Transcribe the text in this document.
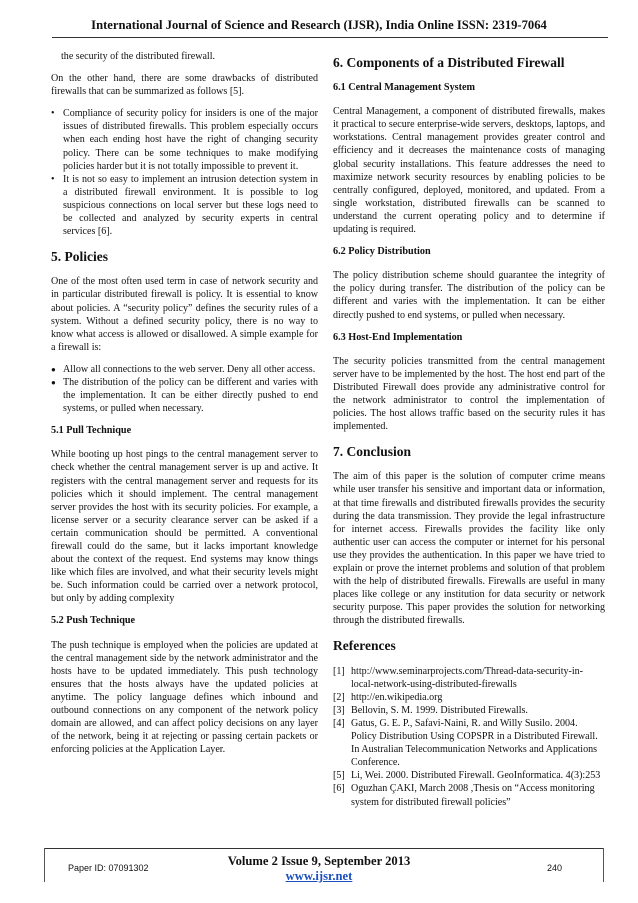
International Journal of Science and Research (IJSR), India Online ISSN: 2319-7064

the security of the distributed firewall.

On the other hand, there are some drawbacks of distributed firewalls that can be summarized as follows [5].

• Compliance of security policy for insiders is one of the major issues of distributed firewalls. This problem especially occurs when each ending host have the right of changing security policy. There can be some techniques to make modifying policies harder but it is not totally impossible to prevent it.
• It is not so easy to implement an intrusion detection system in a distributed firewall environment. It is possible to log suspicious connections on local server but these logs need to be collected and analyzed by security experts in central services [6].
5. Policies

One of the most often used term in case of network security and in particular distributed firewall is policy. It is essential to know about policies. A “security policy” defines the security rules of a system. Without a defined security policy, there is no way to know what access is allowed or disallowed. A simple example for a firewall is:

● Allow all connections to the web server. Deny all other access.
● The distribution of the policy can be different and varies with the implementation. It can be either directly pushed to end systems, or pulled when necessary.
5.1 Pull Technique

While booting up host pings to the central management server to check whether the central management server is up and active. It registers with the central management server and requests for its policies which it should implement. The central management server provides the host with its security policies. For example, a license server or a security clearance server can be asked if a certain communication should be permitted. A conventional firewall could do the same, but it lacks important knowledge about the context of the request. End systems may know things like which files are involved, and what their security levels might be. Such information could be carried over a network protocol, but only by adding complexity

5.2 Push Technique

The push technique is employed when the policies are updated at the central management side by the network administrator and the hosts have to be updated immediately. This push technology ensures that the hosts always have the updated policies at anytime. The policy language defines which inbound and outbound connections on any component of the network policy domain are allowed, and can affect policy decisions on any layer of the network, being it at rejecting or passing certain packets or enforcing policies at the Application Layer.

6. Components of a Distributed Firewall
6.1 Central Management System

Central Management, a component of distributed firewalls, makes it practical to secure enterprise-wide servers, desktops, laptops, and workstations. Central management provides greater control and efficiency and it decreases the maintenance costs of managing global security installations. This feature addresses the need to maximize network security resources by enabling policies to be centrally configured, deployed, monitored, and updated. From a single workstation, distributed firewalls can be scanned to understand the current operating policy and to determine if updating is required.

6.2 Policy Distribution

The policy distribution scheme should guarantee the integrity of the policy during transfer. The distribution of the policy can be different and varies with the implementation. It can be either directly pushed to end systems, or pulled when necessary.

6.3 Host-End Implementation

The security policies transmitted from the central management server have to be implemented by the host. The host end part of the Distributed Firewall does provide any administrative control for the network administrator to control the implementation of policies. The host allows traffic based on the security rules it has implemented.

7. Conclusion

The aim of this paper is the solution of computer crime means while user transfer his sensitive and important data or information, at that time firewalls and distributed firewalls provides the security during the data transmission. They provide the legal infrastructure for internet access. Firewalls provides the facility like only authentic user can access the computer or internet for his personal use they provides the authentication. In this paper we have tried to explain or prove the internet problems and solution of that problem with the help of distributed firewalls. Firewalls are useful in many places like college or any institution for data security or network security purpose. This paper provides the solution for networking through the distributed firewalls.

References
[1] http://www.seminarprojects.com/Thread-data-security-in-local-network-using-distributed-firewalls
[2] http://en.wikipedia.org
[3] Bellovin, S. M. 1999. Distributed Firewalls.
[4] Gatus, G. E. P., Safavi-Naini, R. and Willy Susilo. 2004. Policy Distribution Using COPSPR in a Distributed Firewall. In Australian Telecommunication Networks and Applications Conference.
[5] Li, Wei. 2000. Distributed Firewall. GeoInformatica. 4(3):253
[6] Oguzhan ÇAKI, March 2008 ,Thesis on “Access monitoring system for distributed firewall policies”
Volume 2 Issue 9, September 2013
www.ijsr.net
Paper ID: 07091302	240
